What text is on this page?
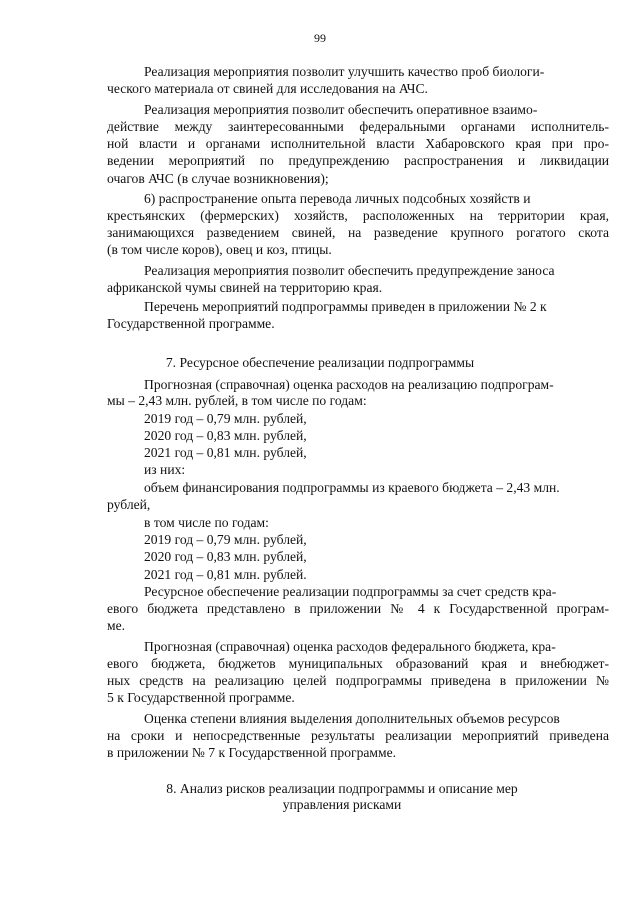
99
Реализация мероприятия позволит улучшить качество проб биологи-
ческого материала от свиней для исследования на АЧС.
Реализация мероприятия позволит обеспечить оперативное взаимо-
действие между заинтересованными федеральными органами исполнитель-
ной власти и органами исполнительной власти Хабаровского края при про-
ведении мероприятий по предупреждению распространения и ликвидации
очагов АЧС (в случае возникновения);
6) распространение опыта перевода личных подсобных хозяйств и
крестьянских (фермерских) хозяйств, расположенных на территории края,
занимающихся разведением свиней, на разведение крупного рогатого скота
(в том числе коров), овец и коз, птицы.
Реализация мероприятия позволит обеспечить предупреждение заноса
африканской чумы свиней на территорию края.
Перечень мероприятий подпрограммы приведен в приложении № 2 к
Государственной программе.
7. Ресурсное обеспечение реализации подпрограммы
Прогнозная (справочная) оценка расходов на реализацию подпрограм-
мы – 2,43 млн. рублей, в том числе по годам:
2019 год – 0,79 млн. рублей,
2020 год – 0,83 млн. рублей,
2021 год – 0,81 млн. рублей,
из них:
объем финансирования подпрограммы из краевого бюджета – 2,43 млн.
рублей,
в том числе по годам:
2019 год – 0,79 млн. рублей,
2020 год – 0,83 млн. рублей,
2021 год – 0,81 млн. рублей.
Ресурсное обеспечение реализации подпрограммы за счет средств кра-
евого бюджета представлено в приложении № 4 к Государственной програм-
ме.
Прогнозная (справочная) оценка расходов федерального бюджета, кра-
евого бюджета, бюджетов муниципальных образований края и внебюджет-
ных средств на реализацию целей подпрограммы приведена в приложении №
5 к Государственной программе.
Оценка степени влияния выделения дополнительных объемов ресурсов
на сроки и непосредственные результаты реализации мероприятий приведена
в приложении № 7 к Государственной программе.
8. Анализ рисков реализации подпрограммы и описание мер
управления рисками
